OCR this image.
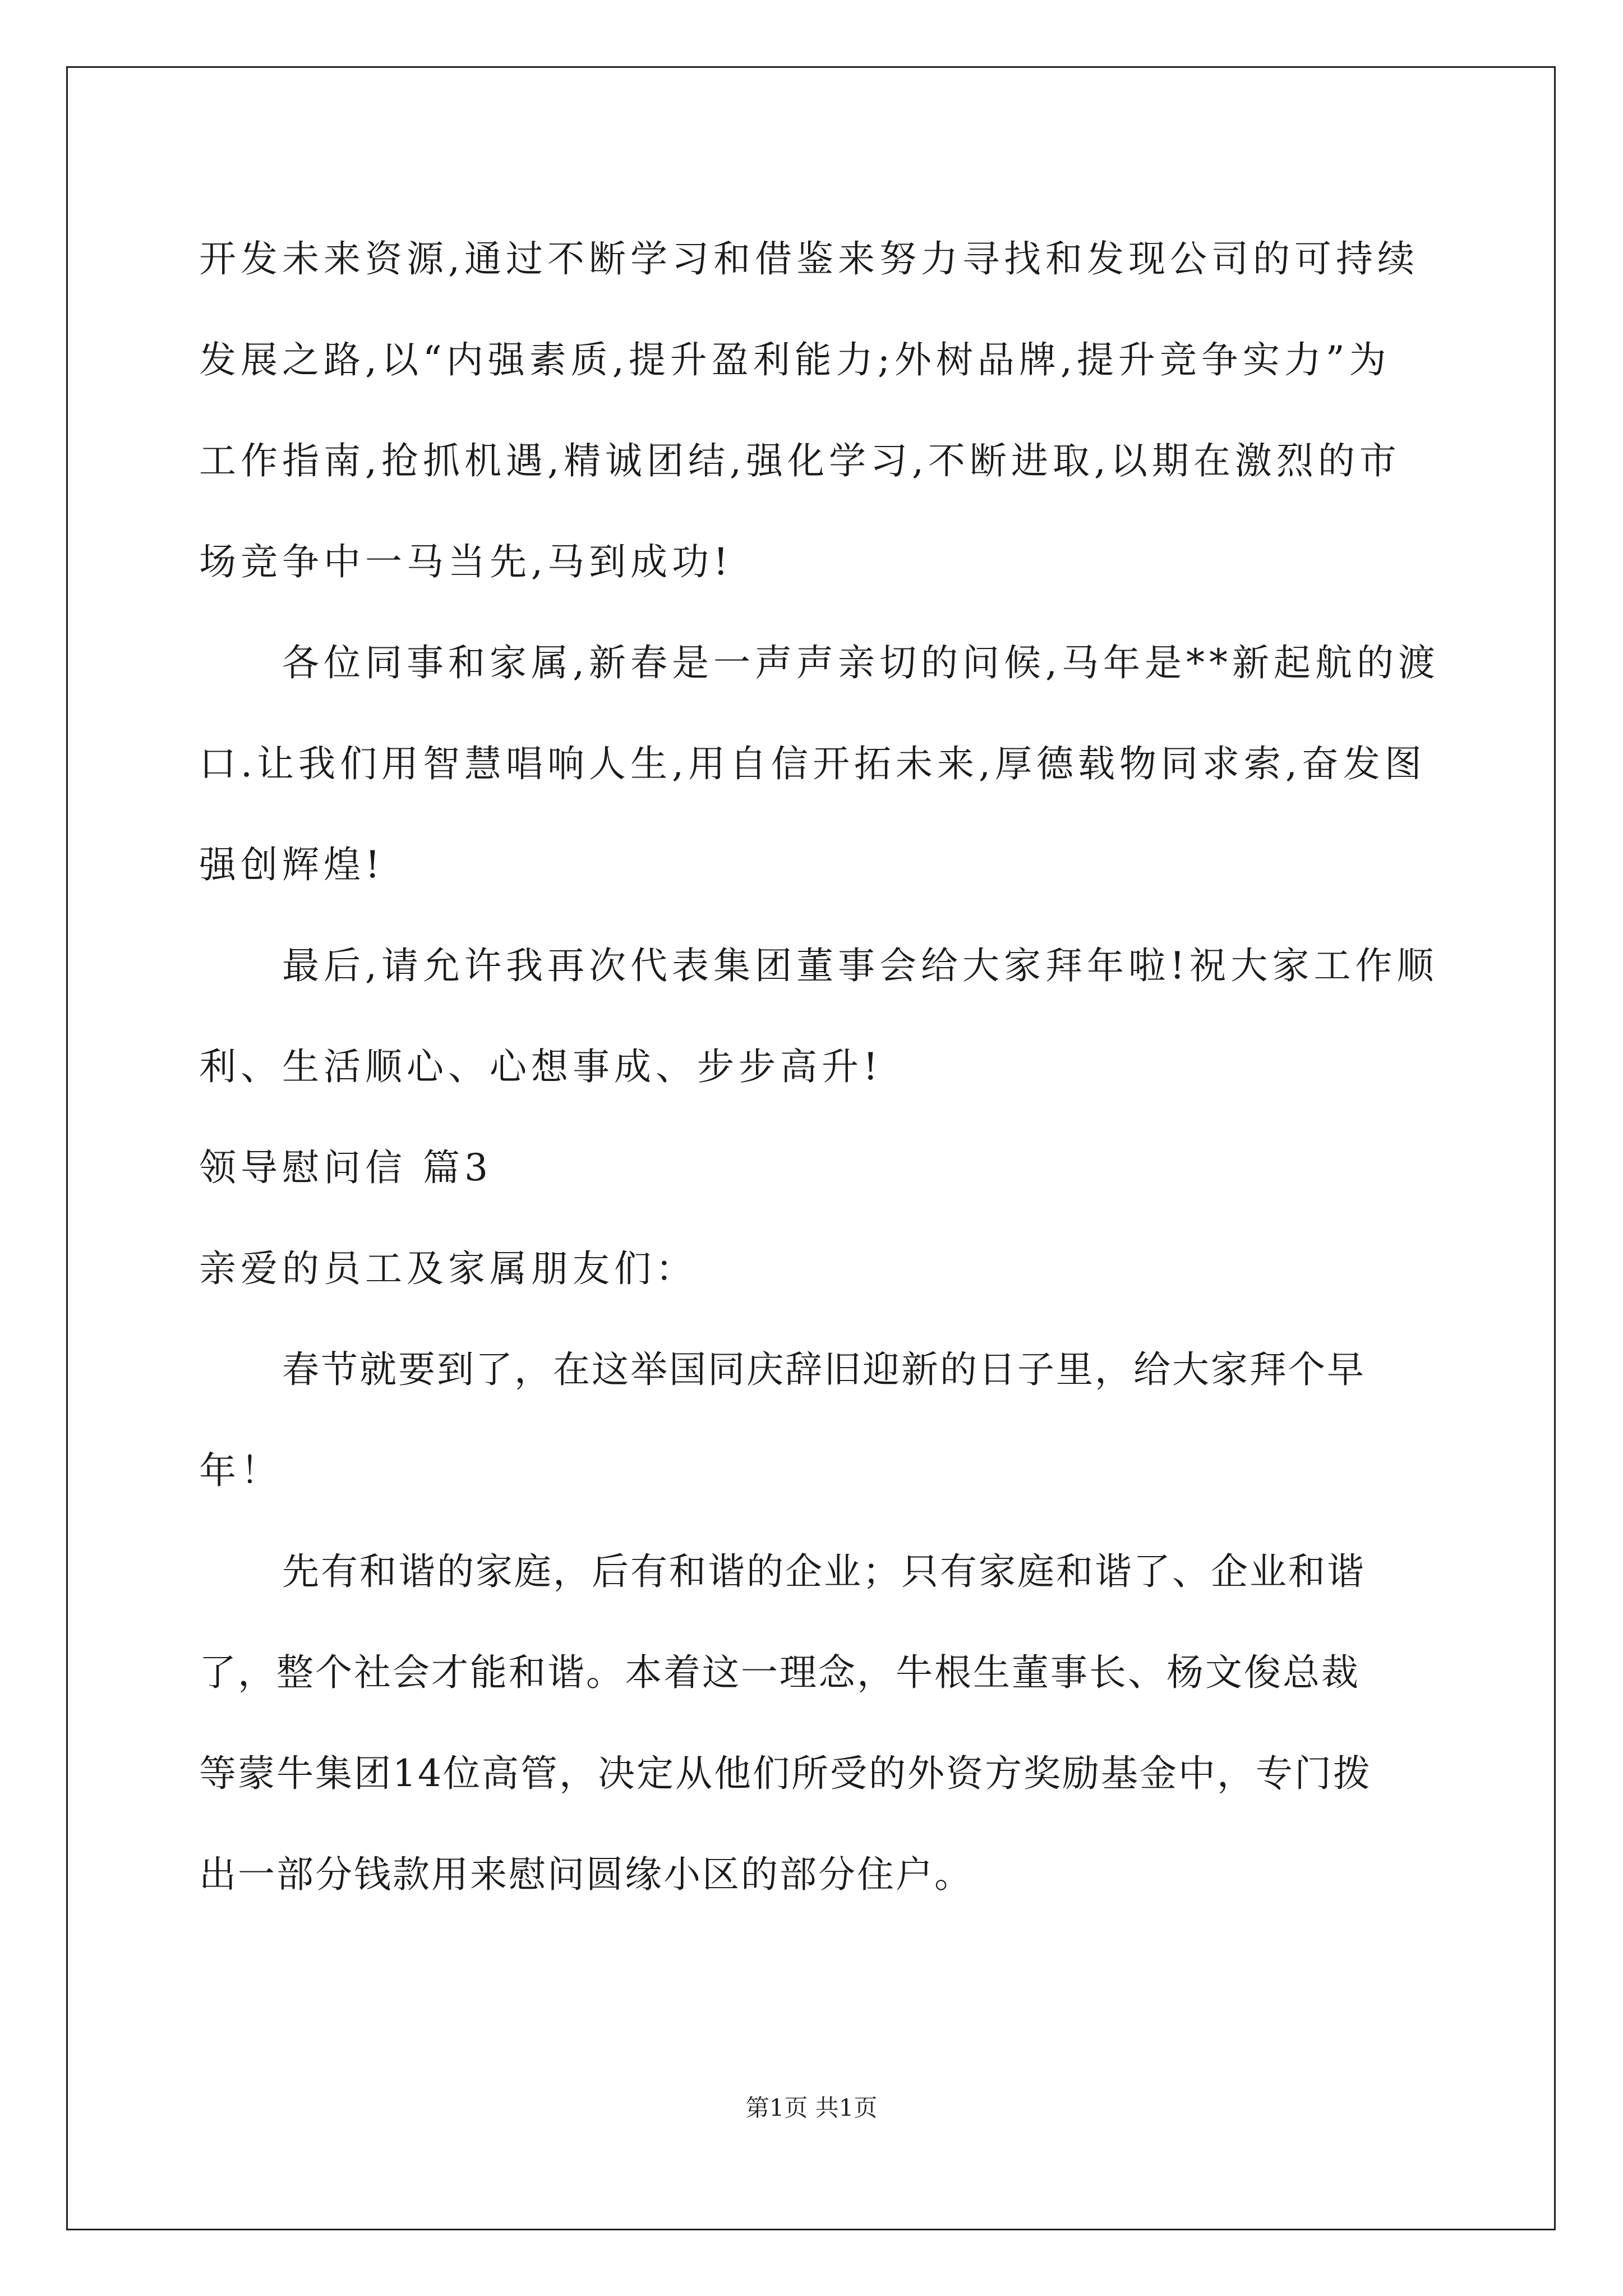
开发未来资源,通过不断学习和借鉴来努力寻找和发现公司的可持续
发展之路,以“内强素质,提升盈利能力;外树品牌,提升竞争实力”为
工作指南,抢抓机遇,精诚团结,强化学习,不断进取,以期在激烈的市
场竞争中一马当先,马到成功!
各位同事和家属,新春是一声声亲切的问候,马年是**新起航的渡
口.让我们用智慧唱响人生,用自信开拓未来,厚德载物同求索,奋发图
强创辉煌!
最后,请允许我再次代表集团董事会给大家拜年啦!祝大家工作顺
利、生活顺心、心想事成、步步高升!
领导慰问信 篇3
亲爱的员工及家属朋友们：
春节就要到了，在这举国同庆辞旧迎新的日子里，给大家拜个早
年！
先有和谐的家庭，后有和谐的企业；只有家庭和谐了、企业和谐
了，整个社会才能和谐。本着这一理念，牛根生董事长、杨文俊总裁
等蒙牛集团14位高管，决定从他们所受的外资方奖励基金中，专门拨
出一部分钱款用来慰问圆缘小区的部分住户。
第1页 共1页
